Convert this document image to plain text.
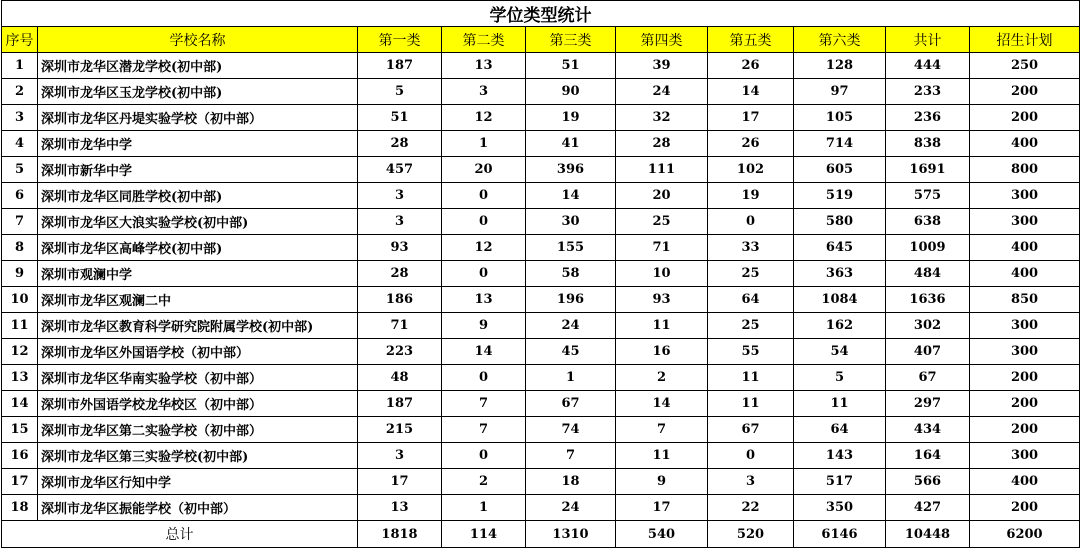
学位类型统计									
序号	学校名称	第一类	第二类	第三类	第四类	第五类	第六类	共计	招生计划
1	深圳市龙华区潜龙学校(初中部)	187	13	51	39	26	128	444	250
2	深圳市龙华区玉龙学校(初中部)	5	3	90	24	14	97	233	200
3	深圳市龙华区丹堤实验学校（初中部）	51	12	19	32	17	105	236	200
4	深圳市龙华中学	28	1	41	28	26	714	838	400
5	深圳市新华中学	457	20	396	111	102	605	1691	800
6	深圳市龙华区同胜学校(初中部)	3	0	14	20	19	519	575	300
7	深圳市龙华区大浪实验学校(初中部)	3	0	30	25	0	580	638	300
8	深圳市龙华区高峰学校(初中部)	93	12	155	71	33	645	1009	400
9	深圳市观澜中学	28	0	58	10	25	363	484	400
10	深圳市龙华区观澜二中	186	13	196	93	64	1084	1636	850
11	深圳市龙华区教育科学研究院附属学校(初中部)	71	9	24	11	25	162	302	300
12	深圳市龙华区外国语学校（初中部）	223	14	45	16	55	54	407	300
13	深圳市龙华区华南实验学校（初中部）	48	0	1	2	11	5	67	200
14	深圳市外国语学校龙华校区（初中部）	187	7	67	14	11	11	297	200
15	深圳市龙华区第二实验学校（初中部）	215	7	74	7	67	64	434	200
16	深圳市龙华区第三实验学校(初中部)	3	0	7	11	0	143	164	300
17	深圳市龙华区行知中学	17	2	18	9	3	517	566	400
18	深圳市龙华区振能学校（初中部）	13	1	24	17	22	350	427	200
总计		1818	114	1310	540	520	6146	10448	6200
